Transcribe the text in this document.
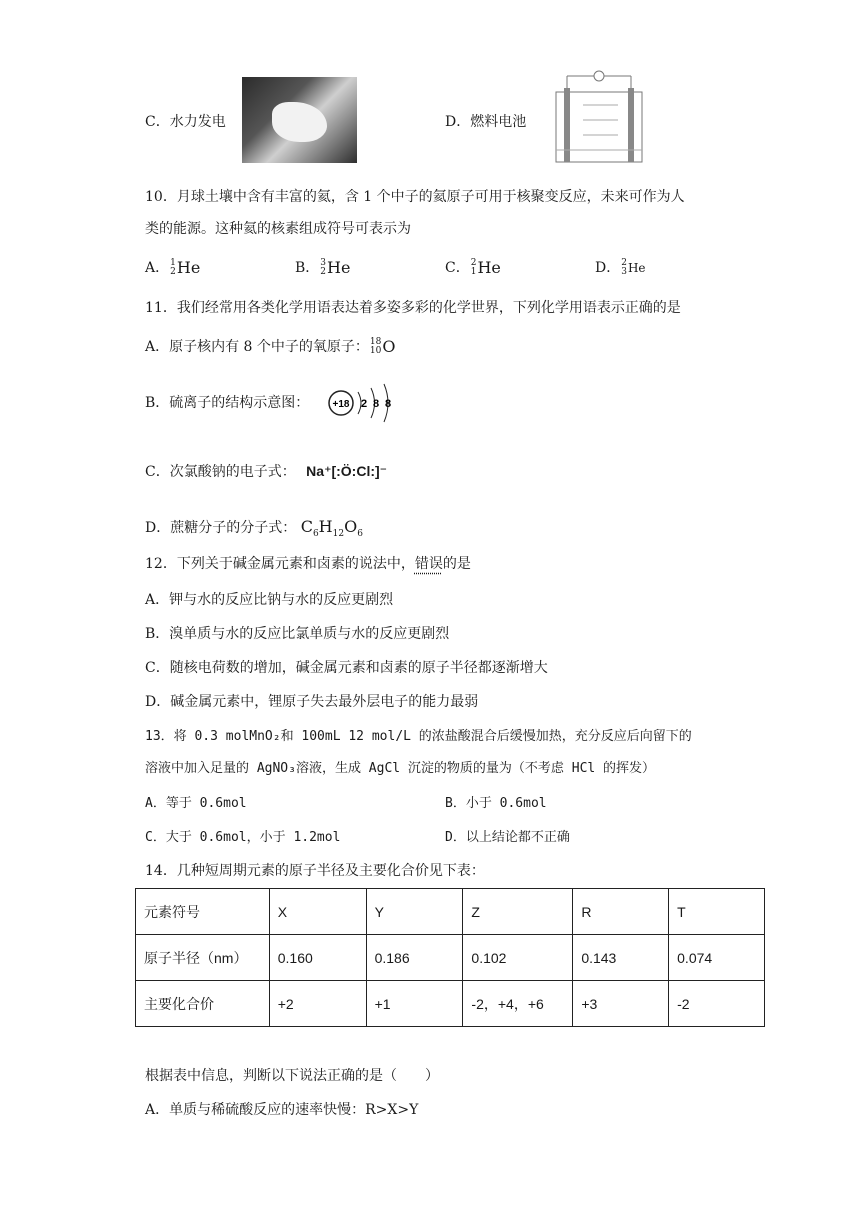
C．水力发电	D．燃料电池
10．月球土壤中含有丰富的氦，含 1 个中子的氦原子可用于核聚变反应，未来可作为人
类的能源。这种氦的核素组成符号可表示为
A． 1
2 He	B． 3
2 He	C． 2
1 He	D． 2
3 He
11．我们经常用各类化学用语表达着多姿多彩的化学世界，下列化学用语表示正确的是
A．原子核内有 8 个中子的氧原子： 18
10 O
B．硫离子的结构示意图： +18 2 8 8
C．次氯酸钠的电子式： Na⁺[:Ö:Cl:]⁻
D．蔗糖分子的分子式： $C_6H_{12}O_6$
12．下列关于碱金属元素和卤素的说法中，错误的是
A．钾与水的反应比钠与水的反应更剧烈
B．溴单质与水的反应比氯单质与水的反应更剧烈
C．随核电荷数的增加，碱金属元素和卤素的原子半径都逐渐增大
D．碱金属元素中，锂原子失去最外层电子的能力最弱
13．将 0.3 molMnO₂和 100mL 12 mol/L 的浓盐酸混合后缓慢加热，充分反应后向留下的
溶液中加入足量的 AgNO₃溶液，生成 AgCl 沉淀的物质的量为（不考虑 HCl 的挥发）
A．等于 0.6mol	B．小于 0.6mol
C．大于 0.6mol，小于 1.2mol	D．以上结论都不正确
14．几种短周期元素的原子半径及主要化合价见下表：
元素符号	X	Y	Z	R	T
原子半径（nm）	0.160	0.186	0.102	0.143	0.074
主要化合价	+2	+1	-2，+4，+6	+3	-2
根据表中信息，判断以下说法正确的是（　　）
A．单质与稀硫酸反应的速率快慢：R>X>Y
